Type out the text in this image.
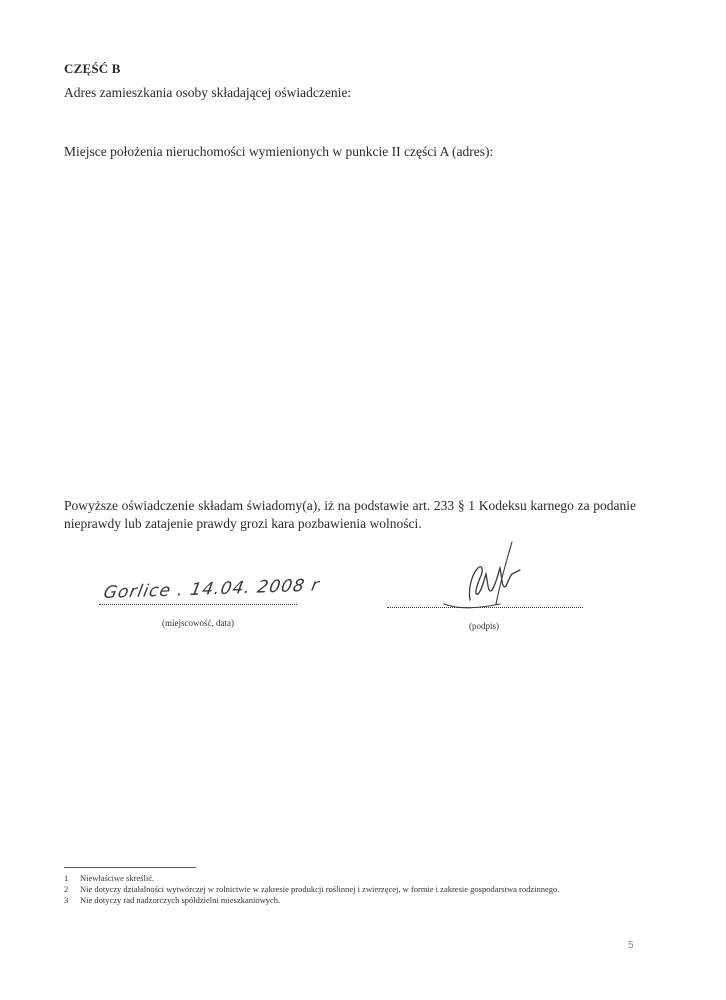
CZĘŚĆ B
Adres zamieszkania osoby składającej oświadczenie:
Miejsce położenia nieruchomości wymienionych w punkcie II części A (adres):
Powyższe oświadczenie składam świadomy(a), iż na podstawie art. 233 § 1 Kodeksu karnego za podanie nieprawdy lub zatajenie prawdy grozi kara pozbawienia wolności.
Gorlice . 14.04. 2008 r
(miejscowość, data)	(podpis)
1 Niewłaściwe skreślić.
2 Nie dotyczy działalności wytwórczej w rolnictwie w zakresie produkcji roślinnej i zwierzęcej, w formie i zakresie gospodarstwa rodzinnego.
3 Nie dotyczy rad nadzorczych spółdzielni mieszkaniowych.
5
